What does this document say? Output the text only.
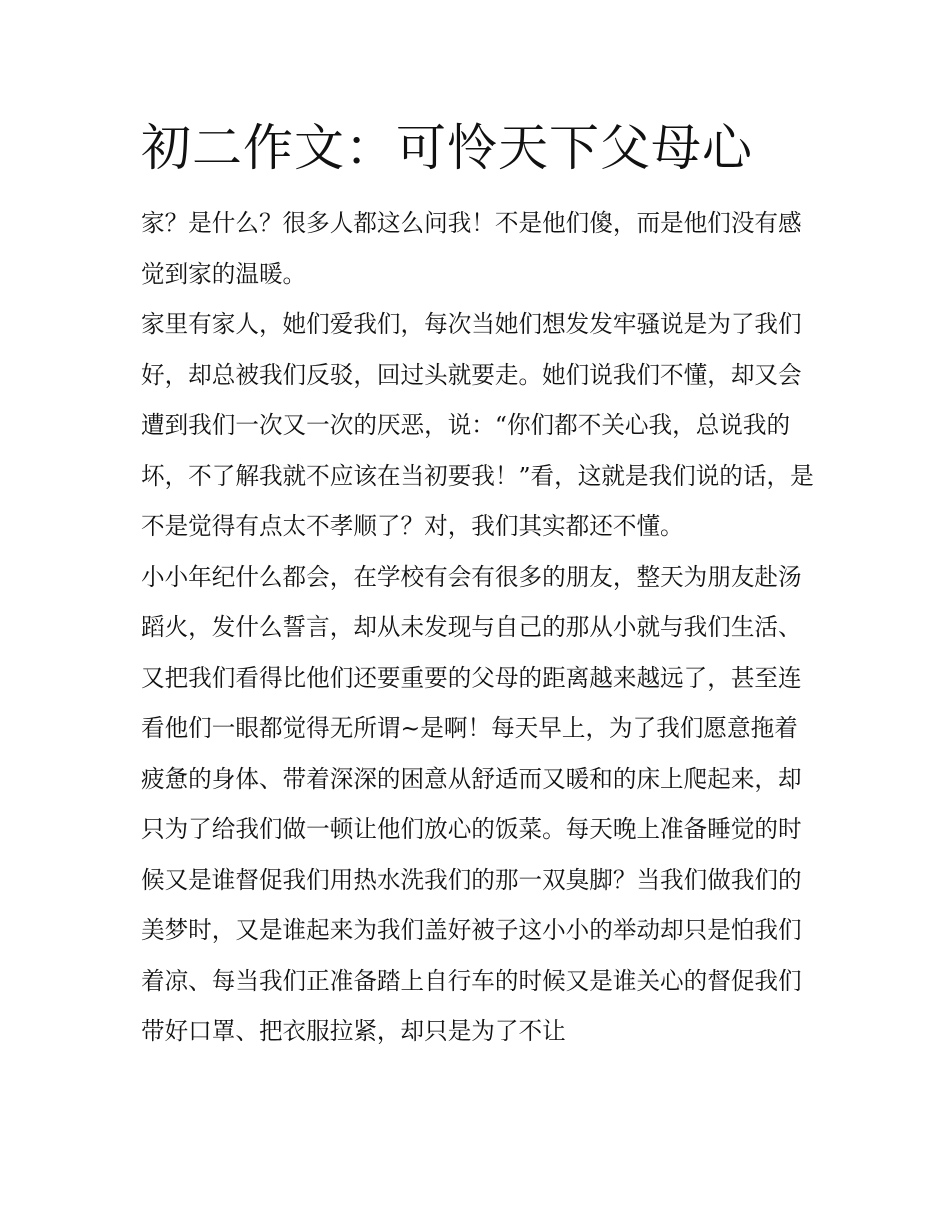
初二作文：可怜天下父母心

家？是什么？很多人都这么问我！不是他们傻，而是他们没有感觉到家的温暖。

家里有家人，她们爱我们，每次当她们想发发牢骚说是为了我们好，却总被我们反驳，回过头就要走。她们说我们不懂，却又会遭到我们一次又一次的厌恶，说：“你们都不关心我，总说我的坏，不了解我就不应该在当初要我！”看，这就是我们说的话，是不是觉得有点太不孝顺了？对，我们其实都还不懂。

小小年纪什么都会，在学校有会有很多的朋友，整天为朋友赴汤蹈火，发什么誓言，却从未发现与自己的那从小就与我们生活、又把我们看得比他们还要重要的父母的距离越来越远了，甚至连看他们一眼都觉得无所谓~是啊！每天早上，为了我们愿意拖着疲惫的身体、带着深深的困意从舒适而又暖和的床上爬起来，却只为了给我们做一顿让他们放心的饭菜。每天晚上准备睡觉的时候又是谁督促我们用热水洗我们的那一双臭脚？当我们做我们的美梦时，又是谁起来为我们盖好被子这小小的举动却只是怕我们着凉、每当我们正准备踏上自行车的时候又是谁关心的督促我们带好口罩、把衣服拉紧，却只是为了不让
